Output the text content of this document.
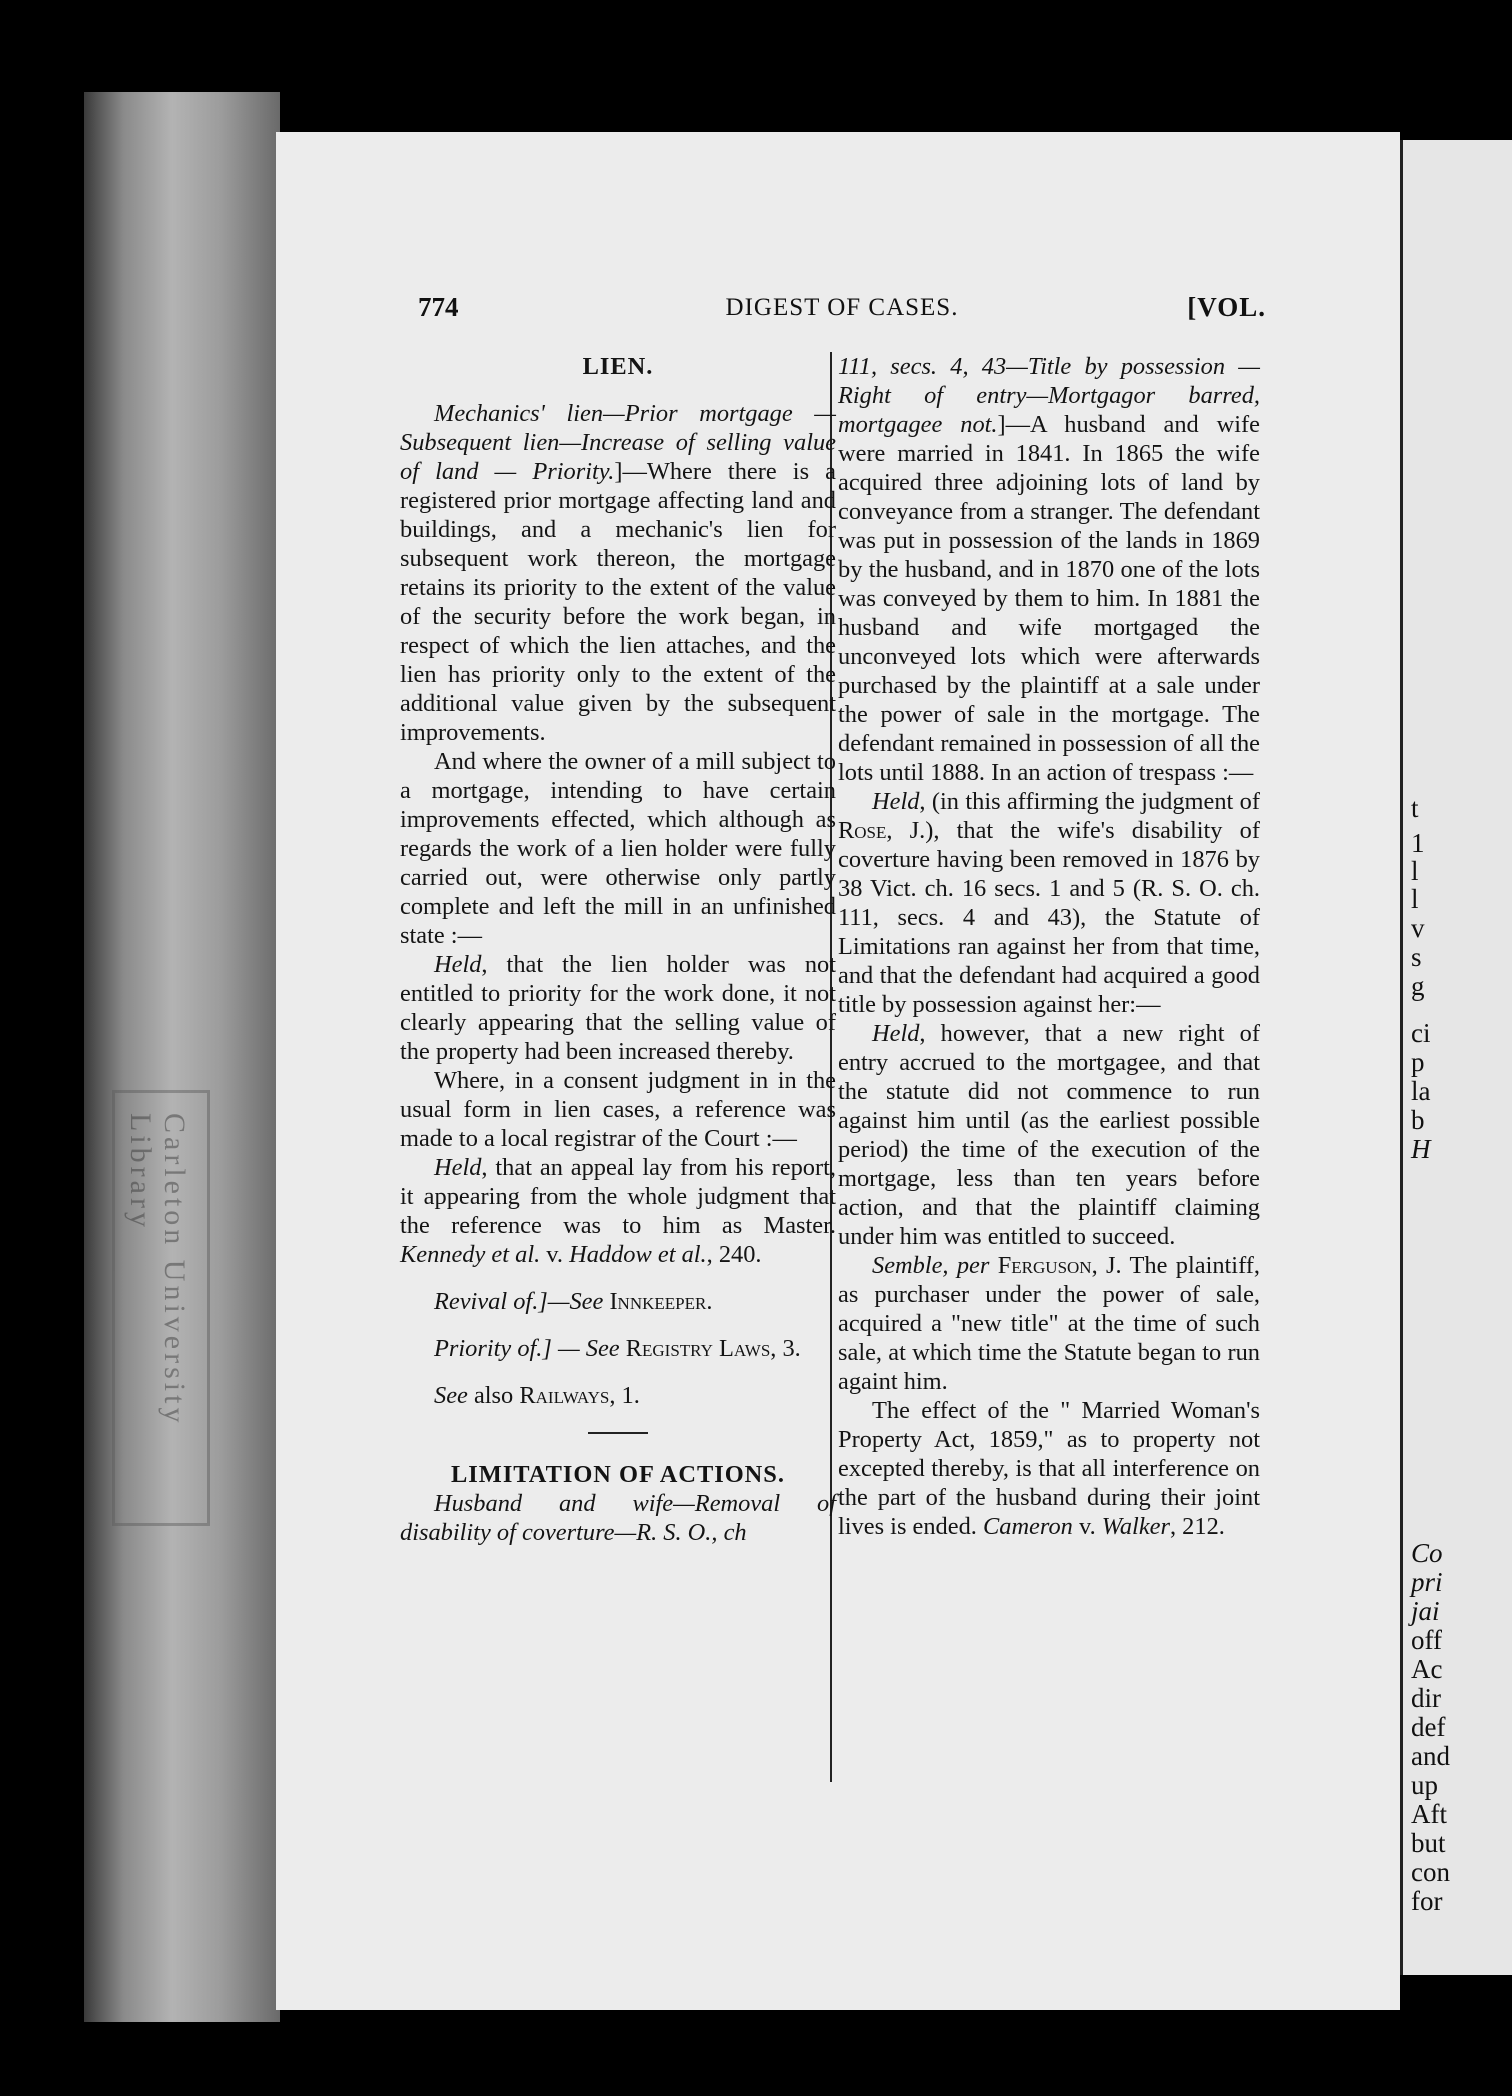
Carleton University Library
t
1
l
l
v
s
g
ci
p
la
b
H
Co
pri
jai
off
Ac
dir
def
and
up
Aft
but
con
for
774	DIGEST OF CASES.	[VOL.

LIEN.

Mechanics' lien—Prior mortgage —Subsequent lien—Increase of selling value of land — Priority.]—Where there is a registered prior mortgage affecting land and buildings, and a mechanic's lien for subsequent work thereon, the mortgage retains its priority to the extent of the value of the security before the work began, in respect of which the lien attaches, and the lien has priority only to the extent of the additional value given by the subsequent improvements.

And where the owner of a mill subject to a mortgage, intending to have certain improvements effected, which although as regards the work of a lien holder were fully carried out, were otherwise only partly complete and left the mill in an unfinished state :—

Held, that the lien holder was not entitled to priority for the work done, it not clearly appearing that the selling value of the property had been increased thereby.

Where, in a consent judgment in in the usual form in lien cases, a reference was made to a local registrar of the Court :—

Held, that an appeal lay from his report, it appearing from the whole judgment that the reference was to him as Master. Kennedy et al. v. Haddow et al., 240.

Revival of.]—See Innkeeper.

Priority of.] — See Registry Laws, 3.

See also Railways, 1.

LIMITATION OF ACTIONS.

Husband and wife—Removal of disability of coverture—R. S. O., ch

111, secs. 4, 43—Title by possession —Right of entry—Mortgagor barred, mortgagee not.]—A husband and wife were married in 1841. In 1865 the wife acquired three adjoining lots of land by conveyance from a stranger. The defendant was put in possession of the lands in 1869 by the husband, and in 1870 one of the lots was conveyed by them to him. In 1881 the husband and wife mortgaged the unconveyed lots which were afterwards purchased by the plaintiff at a sale under the power of sale in the mortgage. The defendant remained in possession of all the lots until 1888. In an action of trespass :—

Held, (in this affirming the judgment of Rose, J.), that the wife's disability of coverture having been removed in 1876 by 38 Vict. ch. 16 secs. 1 and 5 (R. S. O. ch. 111, secs. 4 and 43), the Statute of Limitations ran against her from that time, and that the defendant had acquired a good title by possession against her:—

Held, however, that a new right of entry accrued to the mortgagee, and that the statute did not commence to run against him until (as the earliest possible period) the time of the execution of the mortgage, less than ten years before action, and that the plaintiff claiming under him was entitled to succeed.

Semble, per Ferguson, J. The plaintiff, as purchaser under the power of sale, acquired a "new title" at the time of such sale, at which time the Statute began to run againt him.

The effect of the " Married Woman's Property Act, 1859," as to property not excepted thereby, is that all interference on the part of the husband during their joint lives is ended. Cameron v. Walker, 212.
